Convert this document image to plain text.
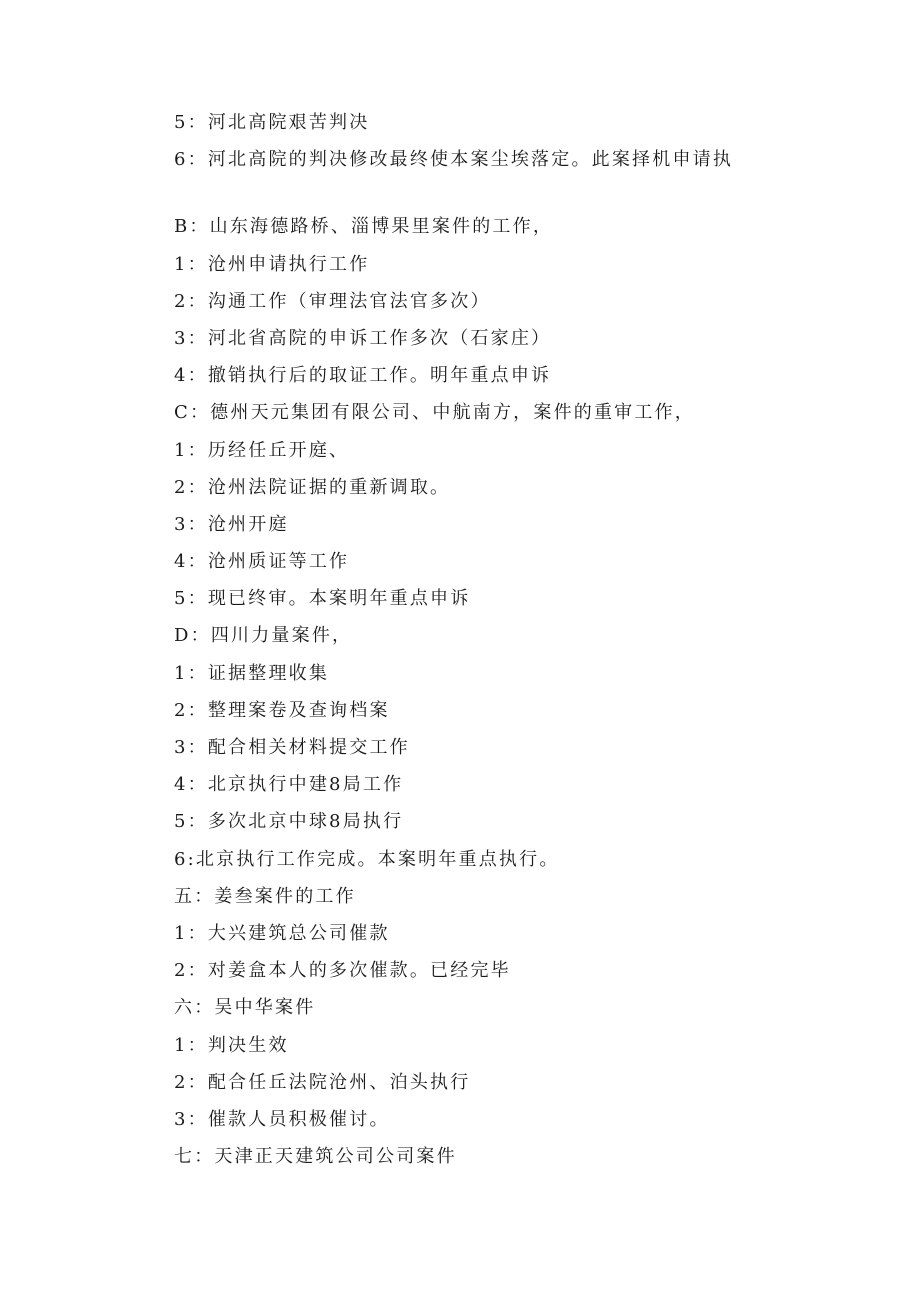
5：河北高院艰苦判决
6：河北高院的判决修改最终使本案尘埃落定。此案择机申请执
B：山东海德路桥、淄博果里案件的工作，
1：沧州申请执行工作
2：沟通工作（审理法官法官多次）
3：河北省高院的申诉工作多次（石家庄）
4：撤销执行后的取证工作。明年重点申诉
C：德州天元集团有限公司、中航南方，案件的重审工作，
1：历经任丘开庭、
2：沧州法院证据的重新调取。
3：沧州开庭
4：沧州质证等工作
5：现已终审。本案明年重点申诉
D：四川力量案件，
1：证据整理收集
2：整理案卷及查询档案
3：配合相关材料提交工作
4：北京执行中建8局工作
5：多次北京中球8局执行
6:北京执行工作完成。本案明年重点执行。
五：姜叁案件的工作
1：大兴建筑总公司催款
2：对姜盒本人的多次催款。已经完毕
六：吴中华案件
1：判决生效
2：配合任丘法院沧州、泊头执行
3：催款人员积极催讨。
七：天津正天建筑公司公司案件
